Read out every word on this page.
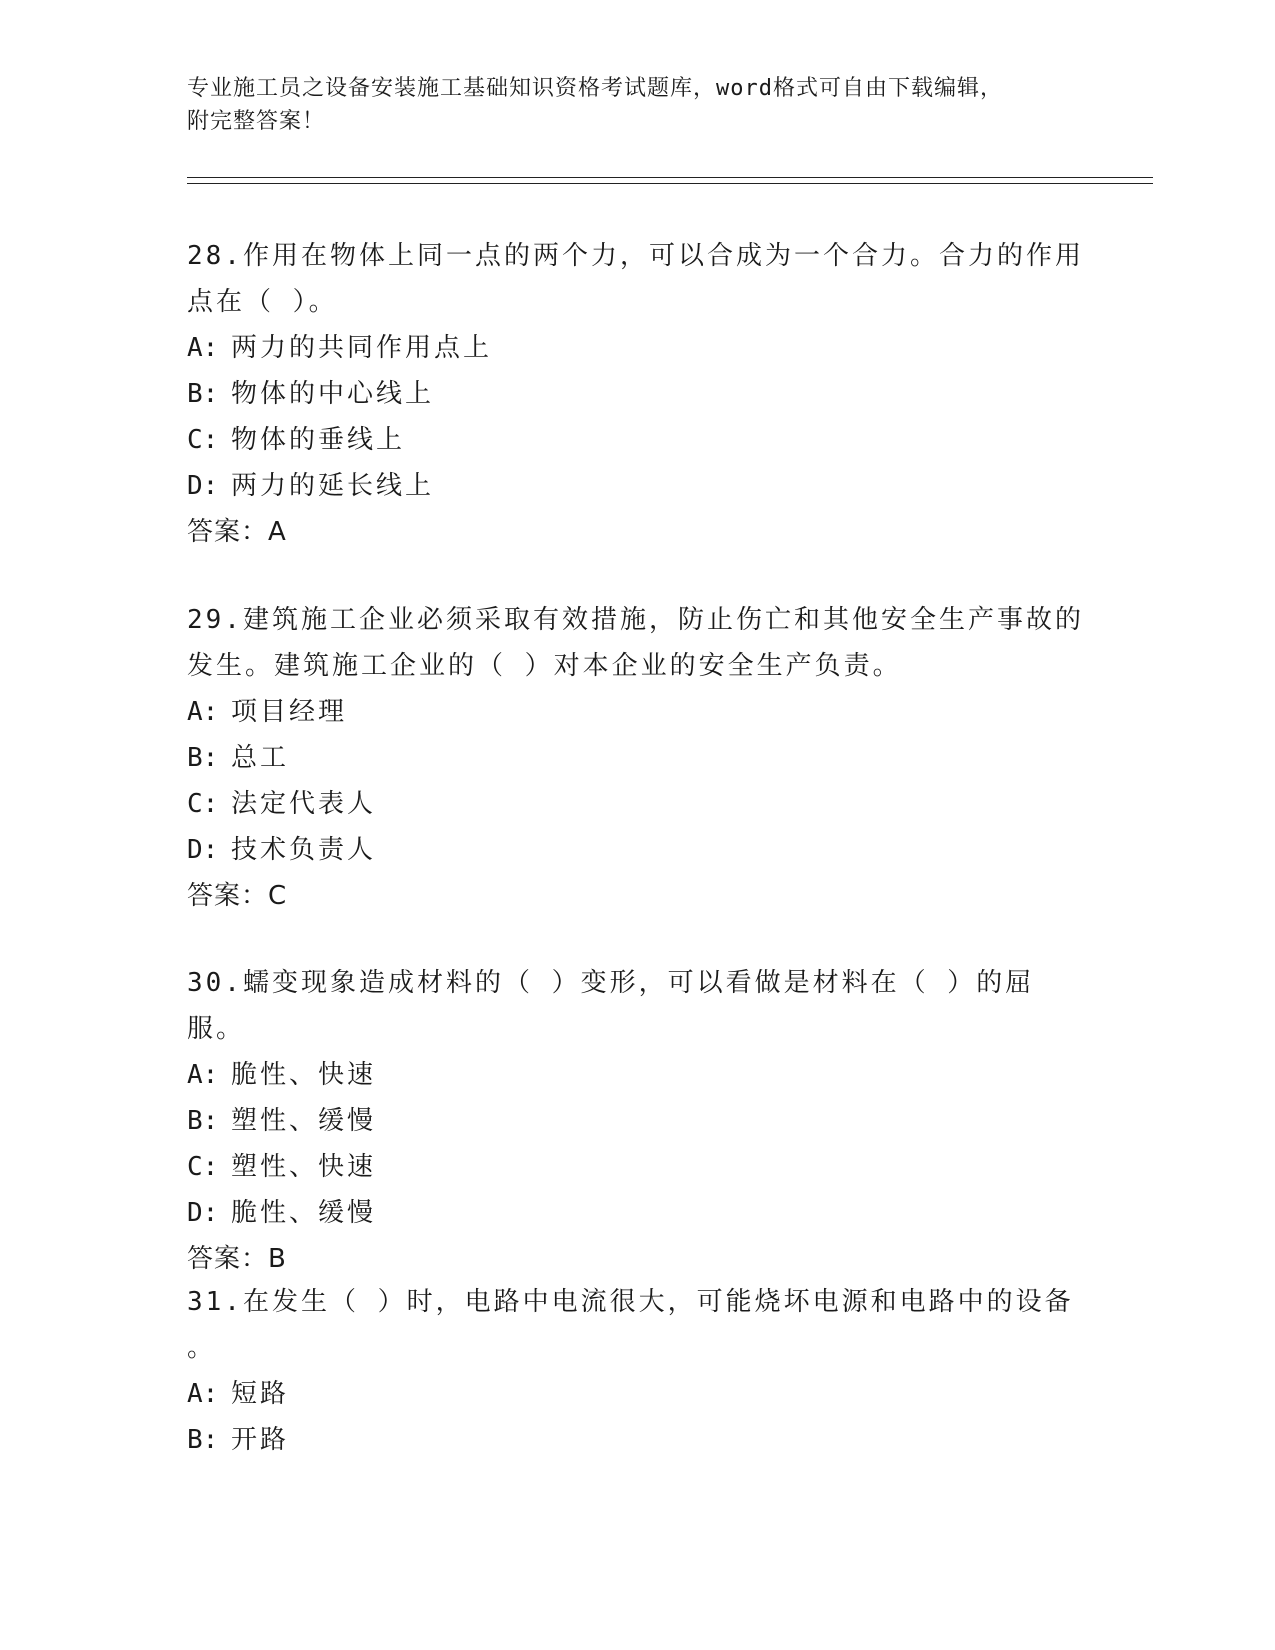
专业施工员之设备安装施工基础知识资格考试题库，word格式可自由下载编辑，
附完整答案！

28.作用在物体上同一点的两个力，可以合成为一个合力。合力的作用

点在（ ）。

A: 两力的共同作用点上

B: 物体的中心线上

C: 物体的垂线上

D: 两力的延长线上

答案：A

29.建筑施工企业必须采取有效措施，防止伤亡和其他安全生产事故的

发生。建筑施工企业的（ ）对本企业的安全生产负责。

A: 项目经理

B: 总工

C: 法定代表人

D: 技术负责人

答案：C

30.蠕变现象造成材料的（ ）变形，可以看做是材料在（ ）的屈服。

A: 脆性、快速

B: 塑性、缓慢

C: 塑性、快速

D: 脆性、缓慢

答案：B

31.在发生（ ）时，电路中电流很大，可能烧坏电源和电路中的设备

。

A: 短路

B: 开路
